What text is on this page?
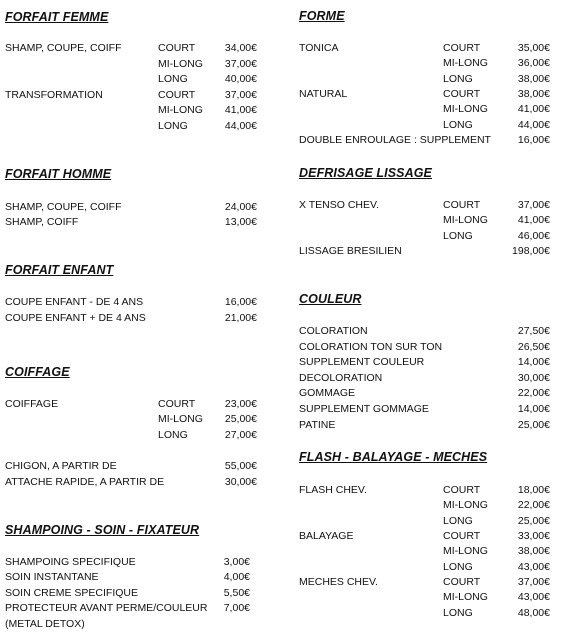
FORFAIT FEMME
SHAMP, COUPE, COIFF	COURT	34,00€
MI-LONG	37,00€
LONG	40,00€
TRANSFORMATION	COURT	37,00€
MI-LONG	41,00€
LONG	44,00€
FORFAIT HOMME
SHAMP, COUPE, COIFF	24,00€
SHAMP, COIFF	13,00€
FORFAIT ENFANT
COUPE ENFANT - DE 4 ANS	16,00€
COUPE ENFANT + DE 4 ANS	21,00€
COIFFAGE
COIFFAGE	COURT	23,00€
MI-LONG	25,00€
LONG	27,00€
CHIGON, A PARTIR DE	55,00€
ATTACHE RAPIDE, A PARTIR DE	30,00€
SHAMPOING - SOIN - FIXATEUR
SHAMPOING SPECIFIQUE	3,00€
SOIN INSTANTANE	4,00€
SOIN CREME SPECIFIQUE	5,50€
PROTECTEUR AVANT PERME/COULEUR	7,00€
(METAL DETOX)
FORME
TONICA	COURT	35,00€
MI-LONG	36,00€
LONG	38,00€
NATURAL	COURT	38,00€
MI-LONG	41,00€
LONG	44,00€
DOUBLE ENROULAGE : SUPPLEMENT	16,00€
DEFRISAGE LISSAGE
X TENSO CHEV.	COURT	37,00€
MI-LONG	41,00€
LONG	46,00€
LISSAGE BRESILIEN	198,00€
COULEUR
COLORATION	27,50€
COLORATION TON SUR TON	26,50€
SUPPLEMENT COULEUR	14,00€
DECOLORATION	30,00€
GOMMAGE	22,00€
SUPPLEMENT GOMMAGE	14,00€
PATINE	25,00€
FLASH - BALAYAGE - MECHES
FLASH CHEV.	COURT	18,00€
MI-LONG	22,00€
LONG	25,00€
BALAYAGE	COURT	33,00€
MI-LONG	38,00€
LONG	43,00€
MECHES CHEV.	COURT	37,00€
MI-LONG	43,00€
LONG	48,00€
